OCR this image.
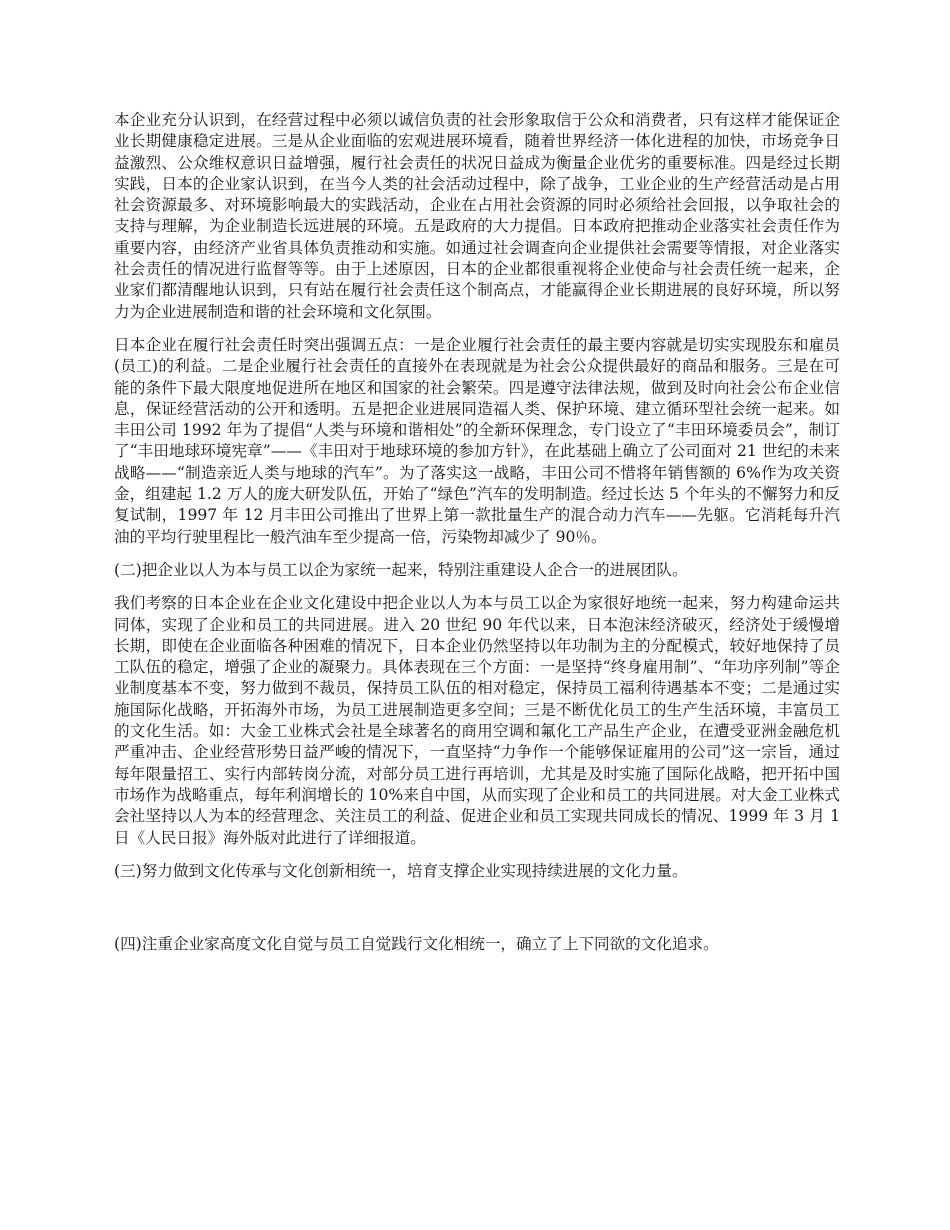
本企业充分认识到，在经营过程中必须以诚信负责的社会形象取信于公众和消费者，只有这样才能保证企业长期健康稳定进展。三是从企业面临的宏观进展环境看，随着世界经济一体化进程的加快，市场竞争日益激烈、公众维权意识日益增强，履行社会责任的状况日益成为衡量企业优劣的重要标准。四是经过长期实践，日本的企业家认识到，在当今人类的社会活动过程中，除了战争，工业企业的生产经营活动是占用社会资源最多、对环境影响最大的实践活动，企业在占用社会资源的同时必须给社会回报，以争取社会的支持与理解，为企业制造长远进展的环境。五是政府的大力提倡。日本政府把推动企业落实社会责任作为重要内容，由经济产业省具体负责推动和实施。如通过社会调查向企业提供社会需要等情报，对企业落实社会责任的情况进行监督等等。由于上述原因，日本的企业都很重视将企业使命与社会责任统一起来，企业家们都清醒地认识到，只有站在履行社会责任这个制高点，才能赢得企业长期进展的良好环境，所以努力为企业进展制造和谐的社会环境和文化氛围。

日本企业在履行社会责任时突出强调五点：一是企业履行社会责任的最主要内容就是切实实现股东和雇员(员工)的利益。二是企业履行社会责任的直接外在表现就是为社会公众提供最好的商品和服务。三是在可能的条件下最大限度地促进所在地区和国家的社会繁荣。四是遵守法律法规，做到及时向社会公布企业信息，保证经营活动的公开和透明。五是把企业进展同造福人类、保护环境、建立循环型社会统一起来。如丰田公司 1992 年为了提倡“人类与环境和谐相处”的全新环保理念，专门设立了“丰田环境委员会”，制订了“丰田地球环境宪章”——《丰田对于地球环境的参加方针》，在此基础上确立了公司面对 21 世纪的未来战略——“制造亲近人类与地球的汽车”。为了落实这一战略，丰田公司不惜将年销售额的 6%作为攻关资金，组建起 1.2 万人的庞大研发队伍，开始了“绿色”汽车的发明制造。经过长达 5 个年头的不懈努力和反复试制，1997 年 12 月丰田公司推出了世界上第一款批量生产的混合动力汽车——先躯。它消耗每升汽油的平均行驶里程比一般汽油车至少提高一倍，污染物却减少了 90％。

(二)把企业以人为本与员工以企为家统一起来，特别注重建设人企合一的进展团队。

我们考察的日本企业在企业文化建设中把企业以人为本与员工以企为家很好地统一起来，努力构建命运共同体，实现了企业和员工的共同进展。进入 20 世纪 90 年代以来，日本泡沫经济破灭，经济处于缓慢增长期，即使在企业面临各种困难的情况下，日本企业仍然坚持以年功制为主的分配模式，较好地保持了员工队伍的稳定，增强了企业的凝聚力。具体表现在三个方面：一是坚持“终身雇用制”、“年功序列制”等企业制度基本不变，努力做到不裁员，保持员工队伍的相对稳定，保持员工福利待遇基本不变；二是通过实施国际化战略，开拓海外市场，为员工进展制造更多空间；三是不断优化员工的生产生活环境，丰富员工的文化生活。如：大金工业株式会社是全球著名的商用空调和氟化工产品生产企业，在遭受亚洲金融危机严重冲击、企业经营形势日益严峻的情况下，一直坚持“力争作一个能够保证雇用的公司”这一宗旨，通过每年限量招工、实行内部转岗分流，对部分员工进行再培训，尤其是及时实施了国际化战略，把开拓中国市场作为战略重点，每年利润增长的 10%来自中国，从而实现了企业和员工的共同进展。对大金工业株式会社坚持以人为本的经营理念、关注员工的利益、促进企业和员工实现共同成长的情况、1999 年 3 月 1 日《人民日报》海外版对此进行了详细报道。

(三)努力做到文化传承与文化创新相统一，培育支撑企业实现持续进展的文化力量。

(四)注重企业家高度文化自觉与员工自觉践行文化相统一，确立了上下同欲的文化追求。
